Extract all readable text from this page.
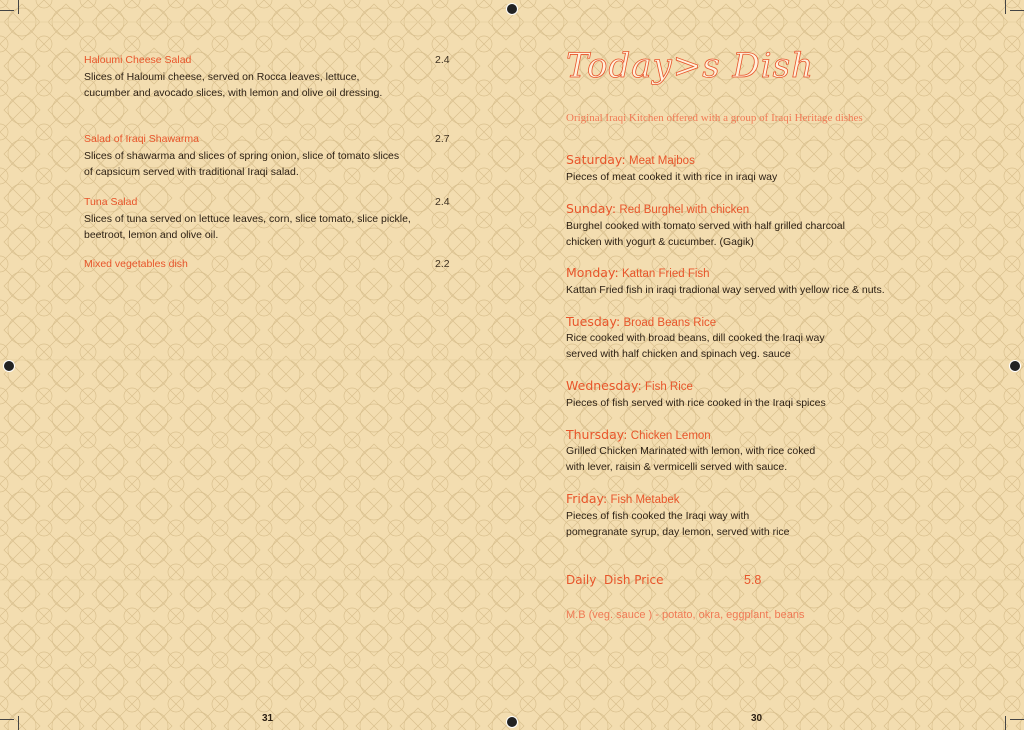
Haloumi Cheese Salad	2.4
Slices of Haloumi cheese, served on Rocca leaves, lettuce,
cucumber and avocado slices, with lemon and olive oil dressing.
Salad of Iraqi Shawarma	2.7
Slices of shawarma and slices of spring onion, slice of tomato slices
of capsicum served with traditional Iraqi salad.
Tuna Salad	2.4
Slices of tuna served on lettuce leaves, corn, slice tomato, slice pickle,
beetroot, lemon and olive oil.
Mixed vegetables dish	2.2
31
Today>s Dish
Original Iraqi Kitchen offered with a group of Iraqi Heritage dishes
Saturday: Meat Majbos
Pieces of meat cooked it with rice in iraqi way
Sunday: Red Burghel with chicken
Burghel cooked with tomato served with half grilled charcoal
chicken with yogurt & cucumber. (Gagik)
Monday: Kattan Fried Fish
Kattan Fried fish in iraqi tradional way served with yellow rice & nuts.
Tuesday: Broad Beans Rice
Rice cooked with broad beans, dill cooked the Iraqi way
served with half chicken and spinach veg. sauce
Wednesday: Fish Rice
Pieces of fish served with rice cooked in the Iraqi spices
Thursday: Chicken Lemon
Grilled Chicken Marinated with lemon, with rice coked
with lever, raisin & vermicelli served with sauce.
Friday: Fish Metabek
Pieces of fish cooked the Iraqi way with
pomegranate syrup, day lemon, served with rice
Daily  Dish Price	5.8
M.B (veg. sauce ) - potato, okra, eggplant, beans
30
